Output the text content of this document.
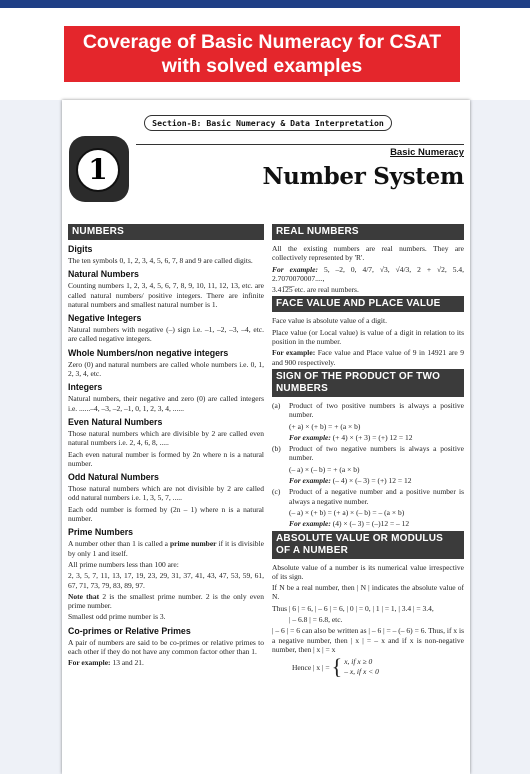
Coverage of Basic Numeracy for CSAT
with solved examples
Section-B: Basic Numeracy & Data Interpretation
1
Basic Numeracy
Number System
NUMBERS
Digits

The ten symbols 0, 1, 2, 3, 4, 5, 6, 7, 8 and 9 are called digits.

Natural Numbers

Counting numbers 1, 2, 3, 4, 5, 6, 7, 8, 9, 10, 11, 12, 13, etc. are called natural numbers/ positive integers. There are infinite natural numbers and smallest natural number is 1.

Negative Integers

Natural numbers with negative (–) sign i.e. –1, –2, –3, –4, etc. are called negative integers.

Whole Numbers/non negative integers

Zero (0) and natural numbers are called whole numbers i.e. 0, 1, 2, 3, 4, etc.

Integers

Natural numbers, their negative and zero (0) are called integers i.e. ......–4, –3, –2, –1, 0, 1, 2, 3, 4, ......

Even Natural Numbers

Those natural numbers which are divisible by 2 are called even natural numbers i.e. 2, 4, 6, 8, .....

Each even natural number is formed by 2n where n is a natural number.

Odd Natural Numbers

Those natural numbers which are not divisible by 2 are called odd natural numbers i.e. 1, 3, 5, 7, .....

Each odd number is formed by (2n – 1) where n is a natural number.

Prime Numbers

A number other than 1 is called a prime number if it is divisible by only 1 and itself.

All prime numbers less than 100 are:

2, 3, 5, 7, 11, 13, 17, 19, 23, 29, 31, 37, 41, 43, 47, 53, 59, 61, 67, 71, 73, 79, 83, 89, 97.

Note that 2 is the smallest prime number. 2 is the only even prime number.

Smallest odd prime number is 3.

Co-primes or Relative Primes

A pair of numbers are said to be co-primes or relative primes to each other if they do not have any common factor other than 1.

For example: 13 and 21.

REAL NUMBERS

All the existing numbers are real numbers. They are collectively represented by 'R'.

For example: 5, –2, 0, 4/7, √3, √4/3, 2 + √2, 5.4, 2.7070070007....,

3.41̅2̅5̅ etc. are real numbers.

FACE VALUE AND PLACE VALUE

Face value is absolute value of a digit.

Place value (or Local value) is value of a digit in relation to its position in the number.

For example: Face value and Place value of 9 in 14921 are 9 and 900 respectively.

SIGN OF THE PRODUCT OF TWO NUMBERS
(a) Product of two positive numbers is always a positive number.

(+ a) × (+ b) = + (a × b)

For example: (+ 4) × (+ 3) = (+) 12 = 12

(b) Product of two negative numbers is always a positive number.

(– a) × (– b) = + (a × b)

For example: (– 4) × (– 3) = (+) 12 = 12

(c) Product of a negative number and a positive number is always a negative number.

(– a) × (+ b) = (+ a) × (– b) = – (a × b)

For example: (4) × (– 3) = (–)12 = – 12

ABSOLUTE VALUE OR MODULUS OF A NUMBER

Absolute value of a number is its numerical value irrespective of its sign.

If N be a real number, then | N | indicates the absolute value of N.

Thus | 6 | = 6, | – 6 | = 6, | 0 | = 0, | 1 | = 1, | 3.4 | = 3.4,

| – 6.8 | = 6.8, etc.

| – 6 | = 6 can also be written as | – 6 | = – (– 6) = 6. Thus, if x is a negative number, then | x | = – x and if x is non-negative number, then | x | = x

Hence | x | = { x, if x ≥ 0
– x, if x < 0
